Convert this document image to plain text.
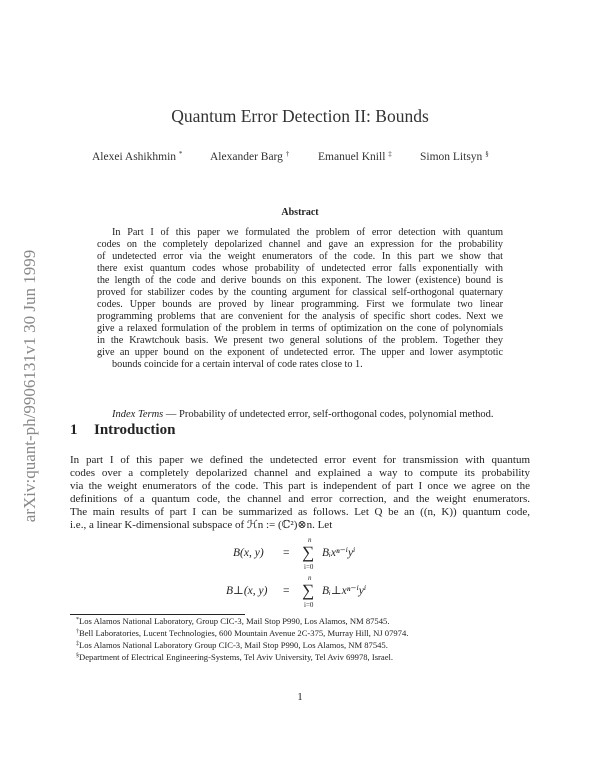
arXiv:quant-ph/9906131v1 30 Jun 1999
Quantum Error Detection II: Bounds
Alexei Ashikhmin * Alexander Barg † Emanuel Knill ‡ Simon Litsyn §
Abstract
In Part I of this paper we formulated the problem of error detection with quantum
codes on the completely depolarized channel and gave an expression for the probability
of undetected error via the weight enumerators of the code. In this part we show that
there exist quantum codes whose probability of undetected error falls exponentially with
the length of the code and derive bounds on this exponent. The lower (existence) bound is
proved for stabilizer codes by the counting argument for classical self-orthogonal quaternary
codes. Upper bounds are proved by linear programming. First we formulate two linear
programming problems that are convenient for the analysis of specific short codes. Next we
give a relaxed formulation of the problem in terms of optimization on the cone of polynomials
in the Krawtchouk basis. We present two general solutions of the problem. Together they
give an upper bound on the exponent of undetected error. The upper and lower asymptotic
bounds coincide for a certain interval of code rates close to 1.
Index Terms — Probability of undetected error, self-orthogonal codes, polynomial method.
1 Introduction
In part I of this paper we defined the undetected error event for transmission with quantum
codes over a completely depolarized channel and explained a way to compute its probability
via the weight enumerators of the code. This part is independent of part I once we agree on the
definitions of a quantum code, the channel and error correction, and the weight enumerators.
The main results of part I can be summarized as follows. Let Q be an ((n, K)) quantum code,
i.e., a linear K-dimensional subspace of ℋn := (ℂ²)⊗n. Let
n
∑
i=0
B(x, y) =	Bᵢxⁿ⁻ⁱyⁱ
n
∑
i=0
B⊥(x, y) =	Bᵢ⊥xⁿ⁻ⁱyⁱ
*Los Alamos National Laboratory, Group CIC-3, Mail Stop P990, Los Alamos, NM 87545.
†Bell Laboratories, Lucent Technologies, 600 Mountain Avenue 2C-375, Murray Hill, NJ 07974.
‡Los Alamos National Laboratory Group CIC-3, Mail Stop P990, Los Alamos, NM 87545.
§Department of Electrical Engineering-Systems, Tel Aviv University, Tel Aviv 69978, Israel.
1
